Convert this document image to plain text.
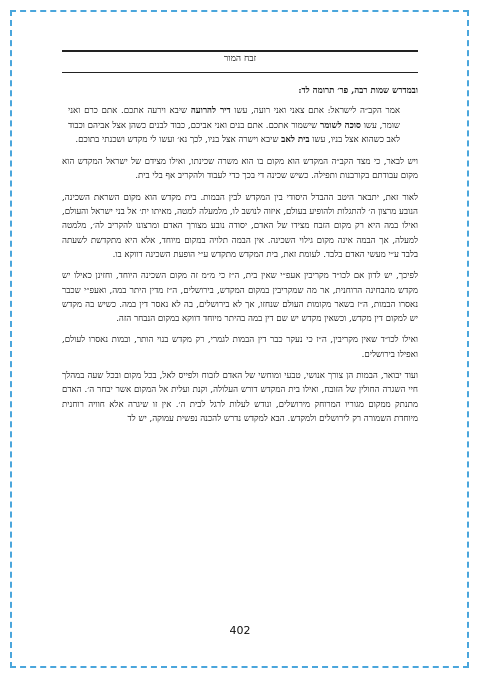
זבח המור

ובמדרש שמות רבה, פר׳ תרומה לד:

אמר הקב״ה לישראל: אתם צאני ואני רועה, עשו דיר להרועה שיבא וירעה אתכם. אתם כרם ואני שומר, עשו סוכה לשומר שישמור אתכם. אתם בנים ואני אביכם, כבוד לבנים כשהן אצל אביהם וכבוד לאב כשהוא אצל בניו, עשו בית לאב שיבא וישרה אצל בניו, לכך נא׳ ועשו לי מקדש ושכנתי בתוכם.

ויש לבאר, כי מצד הקב״ה המקדש הוא מקום בו הוא משרה שכינתו, ואילו מצידם של ישראל המקדש הוא מקום עבודתם בקורבנות ותפילה. כשיש שכינה די בכך כדי לעבוד ולהקריב אף בלי בית.

לאור זאת, יתבאר היטב ההבדל היסודי בין המקדש לבין הבמות. בית מקדש הוא מקום השראת השכינה, הנובע מרצון ה׳ להתגלות ולהופיע בעולם, איזוה לנושב לו, מלמעלה למטה, מאיתו ית׳ אל בני ישראל והעולם, ואילו במה היא רק מקום הזבח מצידו של האדם, יסודה נובע מצורך האדם ומרצונו להקריב לה׳, מלמטה למעלה, אך הבמה אינה מקום גילוי השכינה. אין הבמה תלויה במקום מיוחד, אלא היא מתקדשת לשעתה בלבד ע״י מעשי האדם בלבד. לעומת זאת, בית המקדש מתקדש ע״י הופעת השכינה דווקא בו.

לפיכך, יש לדון אם לכו״ד מקריבין אעפ״י שאין בית, ה״ז כי מ״מ זה מקום השכינה היוחד, וחזינן כאילו יש מקדש מהבחינה הרוחנית, אר מה שמקריבין במקום המקדש, בירושלים, ה״ז מדין היתר במה, ואעפ״י שכבר נאסרו הבמות, ה״ז בשאר מקומות העולם שנחזו, אך לא בירושלים, בה לא נאסר דין במה. כשיש בה מקדש יש למקום דין מקדש, וכשאין מקדש יש שם דין במה בהיתר מיוחד דווקא במקום הנבחר הזה.

ואילו לכו״ד שאין מקריבין, ה״ז כי נעקר כבר דין הבמות לגמרי, רק מקדש בנוי הותר, ובמות נאסרו לעולם, ואפילו בירושלים.

ועוד יבואר, הבמות הן צורך אנושי, טבעי ומוחשי של האדם לזבוח ולפייס לאל, בכל מקום ובכל שעה במהלך חיי השגרה החולין של הזובח, ואילו בית המקדש דורש העלולה, וקנת ועלית אל המקום אשר יבחר ה׳. האדם מתנתק ממקום מגוריו המרוחק מירושלים, ונודש לעלות לרגל לבית ה׳. אין זו שיגרה אלא חוויה רוחנית מיוחדת השמורה רק לירושלים ולמקדש. הבא למקדש נדרש להכנה נפשית עמוקה, יש לד

402
